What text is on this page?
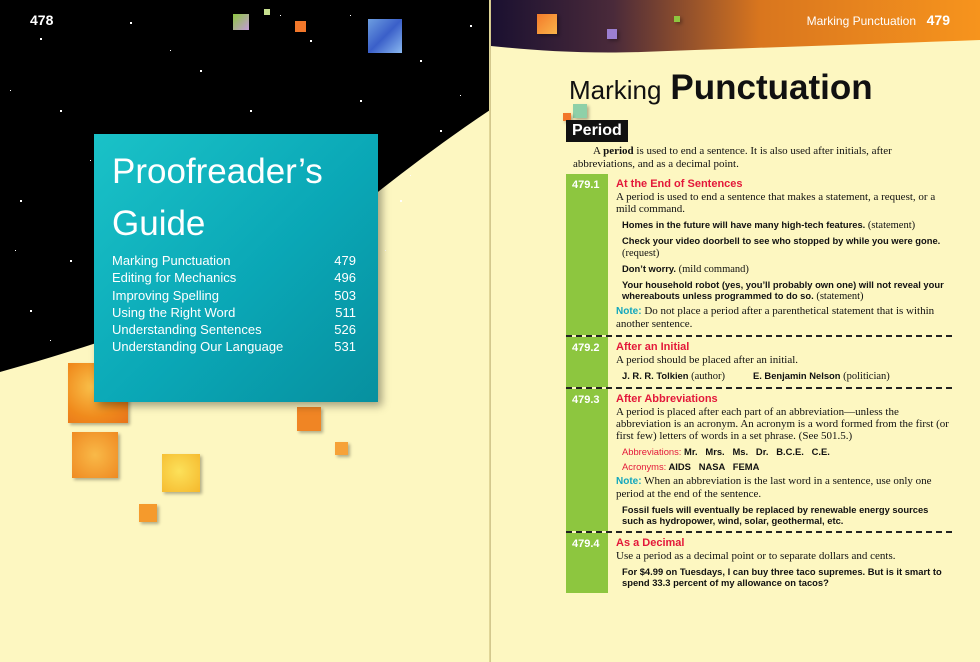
478
Proofreader’s
Guide
Marking Punctuation	479
Editing for Mechanics	496
Improving Spelling	503
Using the Right Word	511
Understanding Sentences	526
Understanding Our Language	531
Marking Punctuation 479
Marking Punctuation
Period

A period is used to end a sentence. It is also used after initials, after abbreviations, and as a decimal point.

479.1	At the End of Sentences

A period is used to end a sentence that makes a statement, a request, or a mild command.

Homes in the future will have many high-tech features. (statement)
Check your video doorbell to see who stopped by while you were gone. (request)
Don’t worry. (mild command)
Your household robot (yes, you’ll probably own one) will not reveal your whereabouts unless programmed to do so. (statement)

Note: Do not place a period after a parenthetical statement that is within another sentence.

479.2	After an Initial

A period should be placed after an initial.

J. R. R. Tolkien (author)	E. Benjamin Nelson (politician)
479.3	After Abbreviations

A period is placed after each part of an abbreviation—unless the abbreviation is an acronym. An acronym is a word formed from the first (or first few) letters of words in a set phrase. (See 501.5.)

Abbreviations: Mr.   Mrs.   Ms.   Dr.   B.C.E.   C.E.
Acronyms: AIDS   NASA   FEMA

Note: When an abbreviation is the last word in a sentence, use only one period at the end of the sentence.

Fossil fuels will eventually be replaced by renewable energy sources such as hydropower, wind, solar, geothermal, etc.
479.4	As a Decimal

Use a period as a decimal point or to separate dollars and cents.

For $4.99 on Tuesdays, I can buy three taco supremes. But is it smart to spend 33.3 percent of my allowance on tacos?
